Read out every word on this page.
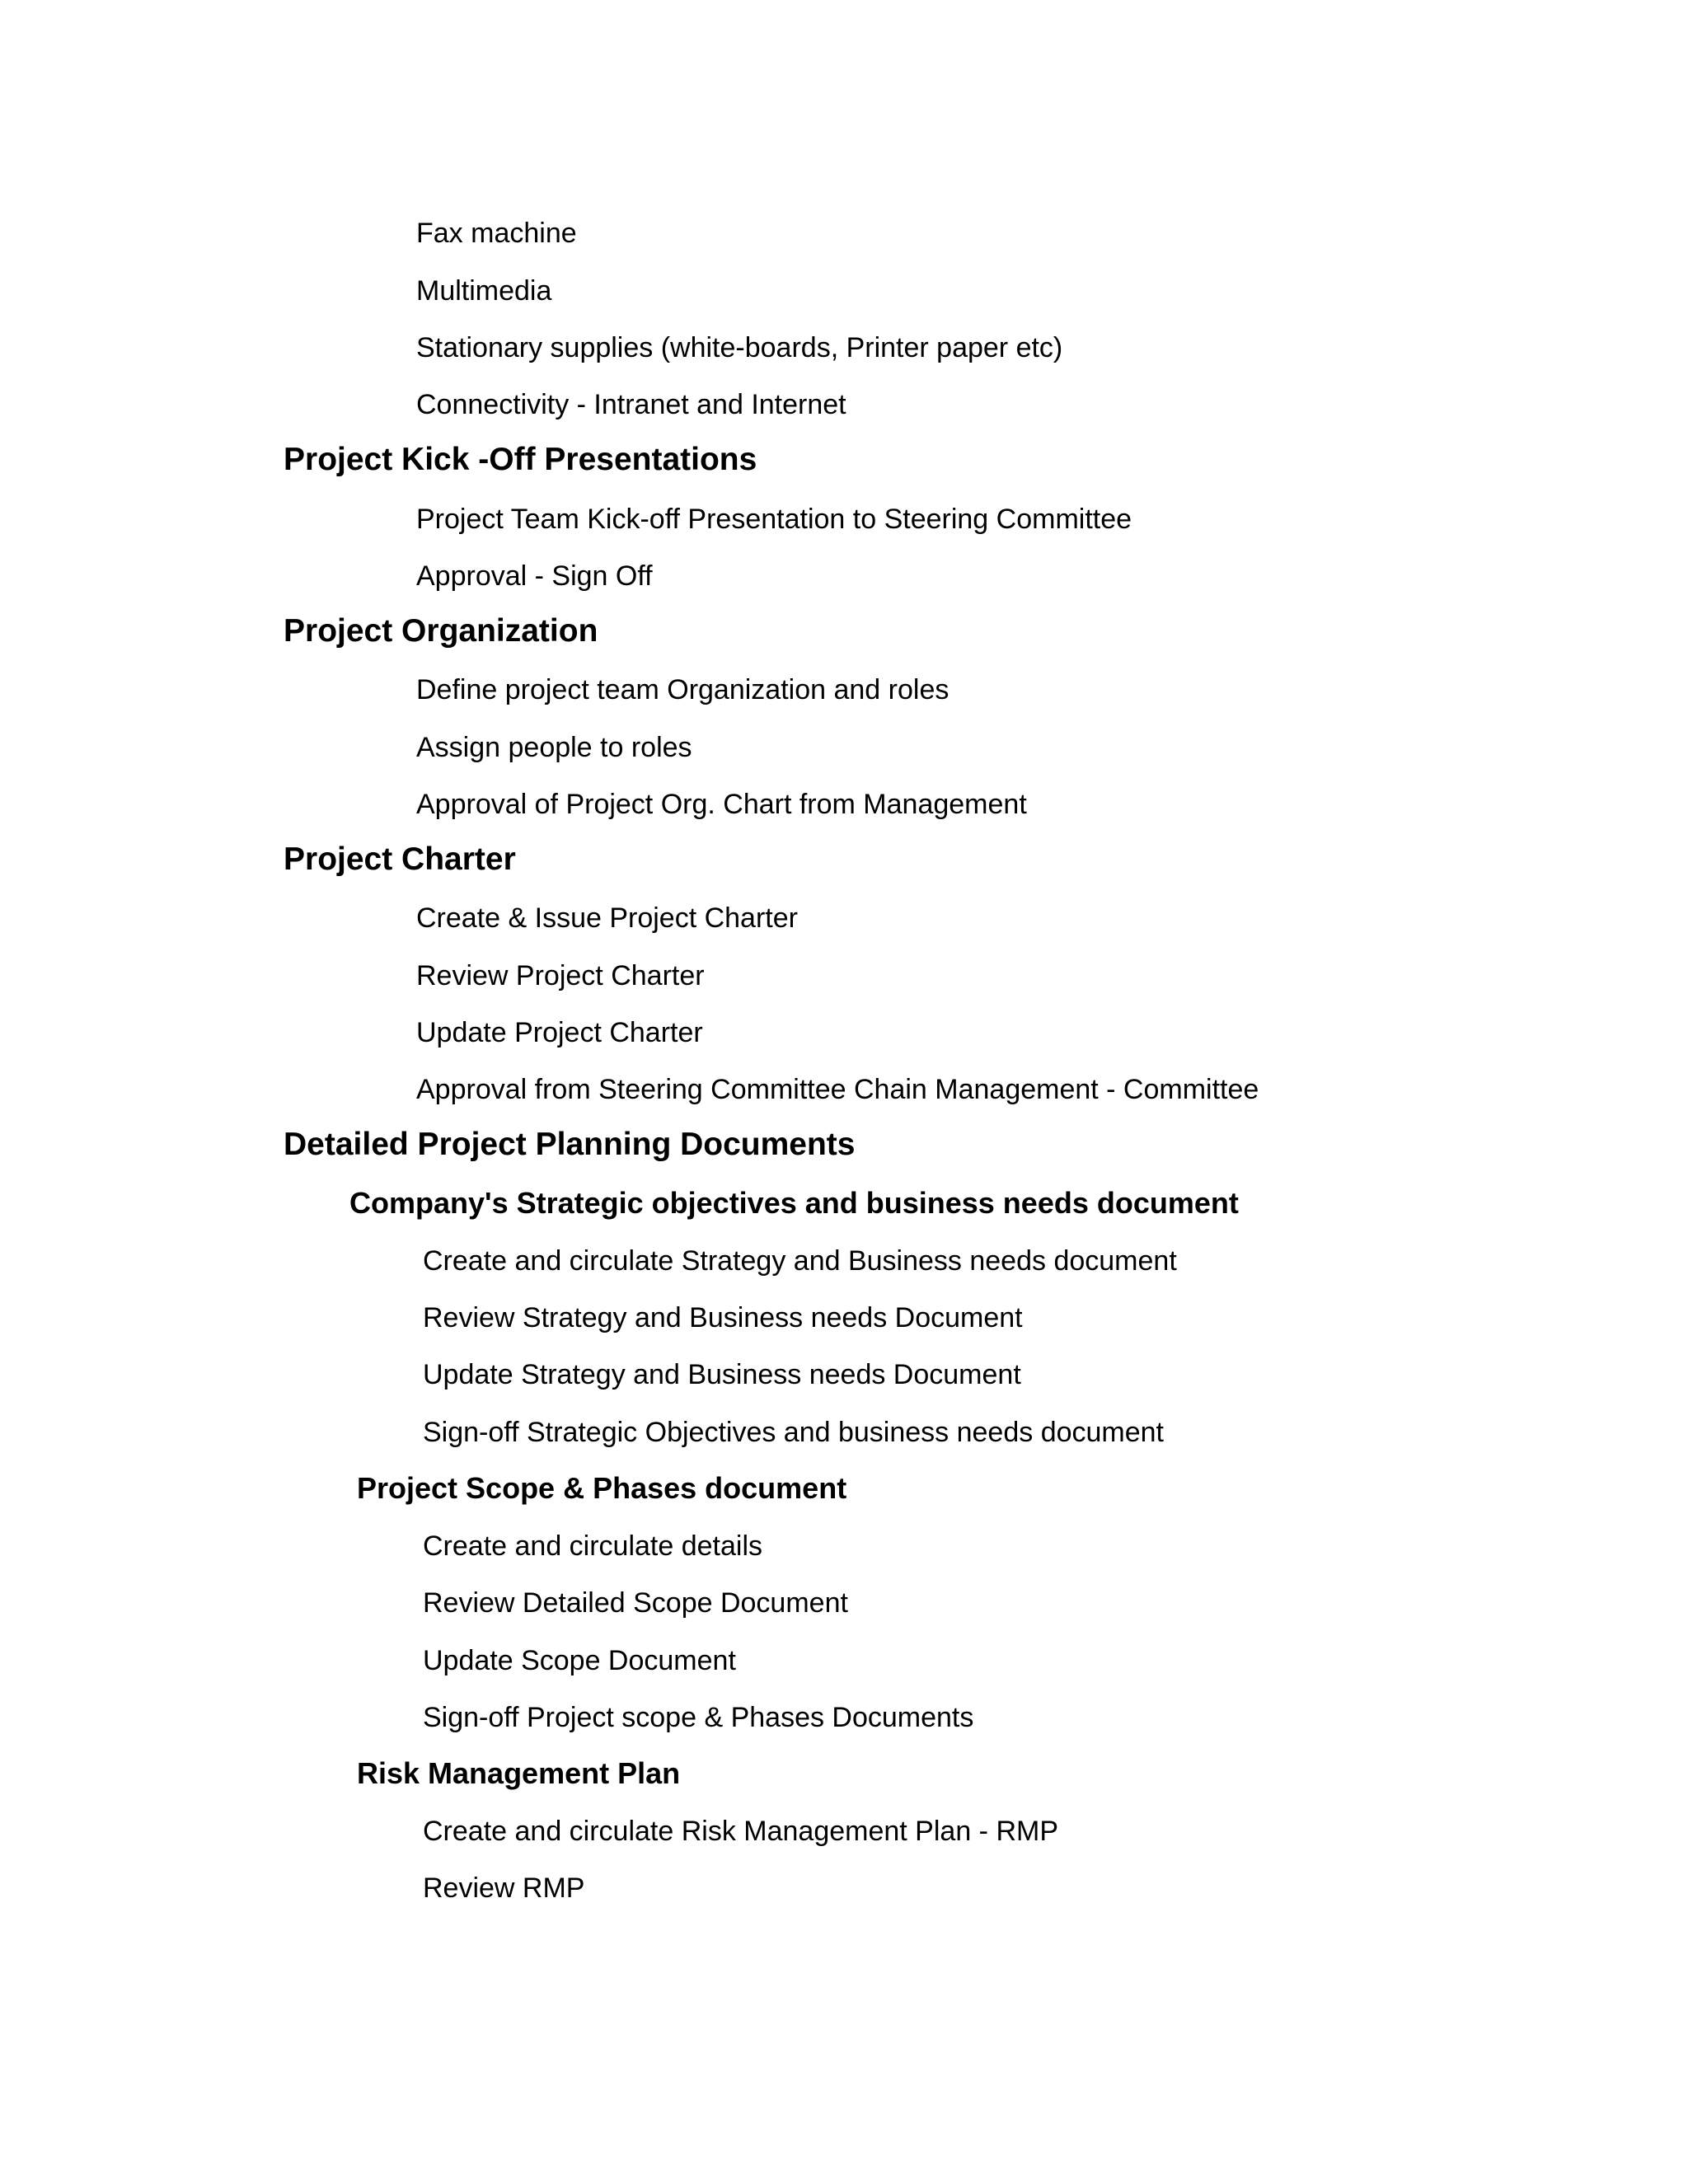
Fax machine
Multimedia
Stationary supplies (white-boards, Printer paper etc)
Connectivity - Intranet and Internet
Project Kick -Off Presentations
Project Team Kick-off Presentation to Steering Committee
Approval - Sign Off
Project Organization
Define project team Organization and roles
Assign people to roles
Approval of Project Org. Chart from Management
Project Charter
Create & Issue Project Charter
Review Project Charter
Update Project Charter
Approval from Steering Committee Chain Management - Committee
Detailed Project Planning Documents
Company's Strategic objectives and business needs document
Create and circulate Strategy and Business needs document
Review Strategy and Business needs Document
Update Strategy and Business needs Document
Sign-off Strategic Objectives and business needs document
Project Scope & Phases document
Create and circulate details
Review Detailed Scope Document
Update Scope Document
Sign-off Project scope & Phases Documents
Risk Management Plan
Create and circulate Risk Management Plan - RMP
Review RMP
